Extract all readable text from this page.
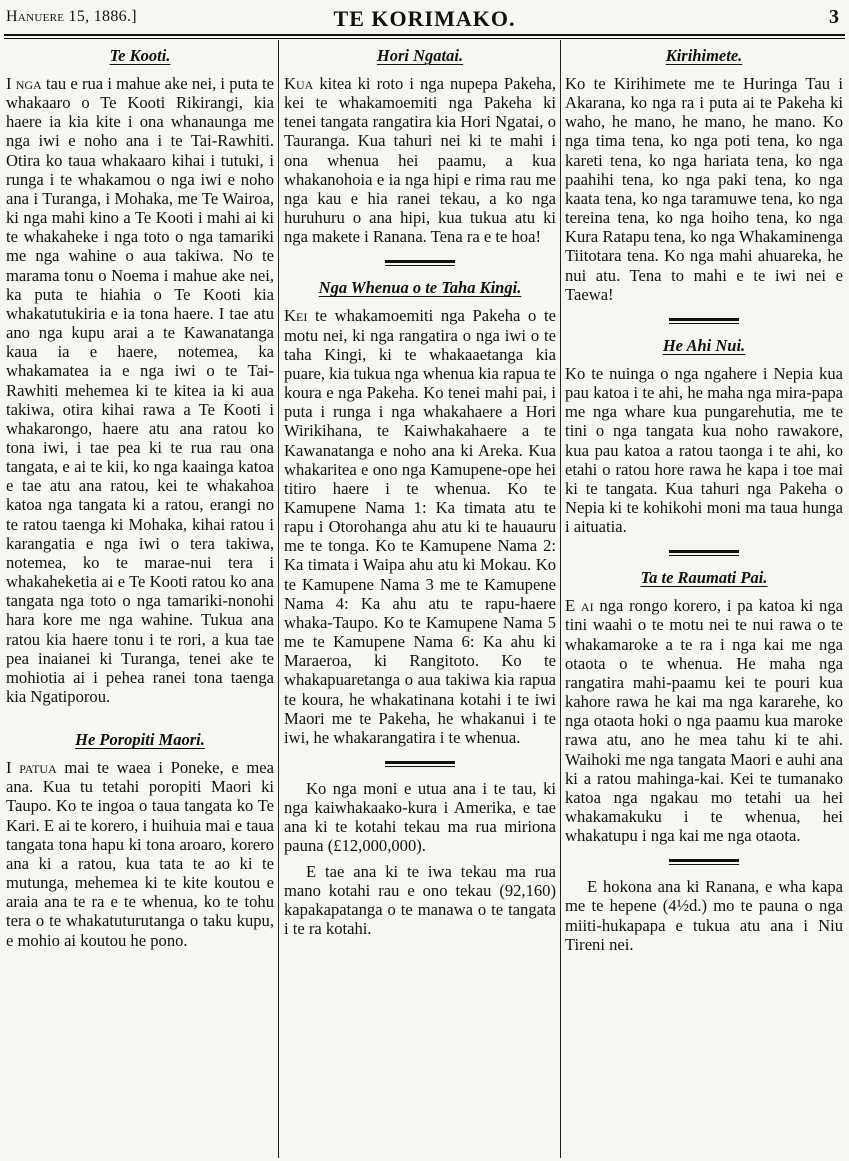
Hanuere 15, 1886.]	TE KORIMAKO.	3
Te Kooti.

I nga tau e rua i mahue ake nei, i puta te whakaaro o Te Kooti Rikirangi, kia haere ia kia kite i ona whanaunga me nga iwi e noho ana i te Tai-Rawhiti. Otira ko taua whakaaro kihai i tutuki, i runga i te whakamou o nga iwi e noho ana i Turanga, i Mohaka, me Te Wairoa, ki nga mahi kino a Te Kooti i mahi ai ki te whakaheke i nga toto o nga tamariki me nga wahine o aua takiwa. No te marama tonu o Noema i mahue ake nei, ka puta te hiahia o Te Kooti kia whakatutukiria e ia tona haere. I tae atu ano nga kupu arai a te Kawanatanga kaua ia e haere, notemea, ka whakamatea ia e nga iwi o te Tai-Rawhiti mehemea ki te kitea ia ki aua takiwa, otira kihai rawa a Te Kooti i whakarongo, haere atu ana ratou ko tona iwi, i tae pea ki te rua rau ona tangata, e ai te kii, ko nga kaainga katoa e tae atu ana ratou, kei te whakahoa katoa nga tangata ki a ratou, erangi no te ratou taenga ki Mohaka, kihai ratou i karangatia e nga iwi o tera takiwa, notemea, ko te marae-nui tera i whakaheketia ai e Te Kooti ratou ko ana tangata nga toto o nga tamariki-nonohi hara kore me nga wahine. Tukua ana ratou kia haere tonu i te rori, a kua tae pea inaianei ki Turanga, tenei ake te mohiotia ai i pehea ranei tona taenga kia Ngatiporou.

He Poropiti Maori.

I patua mai te waea i Poneke, e mea ana. Kua tu tetahi poropiti Maori ki Taupo. Ko te ingoa o taua tangata ko Te Kari. E ai te korero, i huihuia mai e taua tangata tona hapu ki tona aroaro, korero ana ki a ratou, kua tata te ao ki te mutunga, mehemea ki te kite koutou e araia ana te ra e te whenua, ko te tohu tera o te whakatuturutanga o taku kupu, e mohio ai koutou he pono.

Hori Ngatai.

Kua kitea ki roto i nga nupepa Pakeha, kei te whakamoemiti nga Pakeha ki tenei tangata rangatira kia Hori Ngatai, o Tauranga. Kua tahuri nei ki te mahi i ona whenua hei paamu, a kua whakanohoia e ia nga hipi e rima rau me nga kau e hia ranei tekau, a ko nga huruhuru o ana hipi, kua tukua atu ki nga makete i Ranana. Tena ra e te hoa!

Nga Whenua o te Taha Kingi.

Kei te whakamoemiti nga Pakeha o te motu nei, ki nga rangatira o nga iwi o te taha Kingi, ki te whakaaetanga kia puare, kia tukua nga whenua kia rapua te koura e nga Pakeha. Ko tenei mahi pai, i puta i runga i nga whakahaere a Hori Wirikihana, te Kaiwhakahaere a te Kawanatanga e noho ana ki Areka. Kua whakaritea e ono nga Kamupene-ope hei titiro haere i te whenua. Ko te Kamupene Nama 1: Ka timata atu te rapu i Otorohanga ahu atu ki te hauauru me te tonga. Ko te Kamupene Nama 2: Ka timata i Waipa ahu atu ki Mokau. Ko te Kamupene Nama 3 me te Kamupene Nama 4: Ka ahu atu te rapu-haere whaka-Taupo. Ko te Kamupene Nama 5 me te Kamupene Nama 6: Ka ahu ki Maraeroa, ki Rangitoto. Ko te whakapuaretanga o aua takiwa kia rapua te koura, he whakatinana kotahi i te iwi Maori me te Pakeha, he whakanui i te iwi, he whakarangatira i te whenua.

Ko nga moni e utua ana i te tau, ki nga kaiwhakaako-kura i Amerika, e tae ana ki te kotahi tekau ma rua miriona pauna (£12,000,000).

E tae ana ki te iwa tekau ma rua mano kotahi rau e ono tekau (92,160) kapakapatanga o te manawa o te tangata i te ra kotahi.

Kirihimete.

Ko te Kirihimete me te Huringa Tau i Akarana, ko nga ra i puta ai te Pakeha ki waho, he mano, he mano, he mano. Ko nga tima tena, ko nga poti tena, ko nga kareti tena, ko nga hariata tena, ko nga paahihi tena, ko nga paki tena, ko nga kaata tena, ko nga taramuwe tena, ko nga tereina tena, ko nga hoiho tena, ko nga Kura Ratapu tena, ko nga Whakaminenga Tiitotara tena. Ko nga mahi ahuareka, he nui atu. Tena to mahi e te iwi nei e Taewa!

He Ahi Nui.

Ko te nuinga o nga ngahere i Nepia kua pau katoa i te ahi, he maha nga mira-papa me nga whare kua pungarehutia, me te tini o nga tangata kua noho rawakore, kua pau katoa a ratou taonga i te ahi, ko etahi o ratou hore rawa he kapa i toe mai ki te tangata. Kua tahuri nga Pakeha o Nepia ki te kohikohi moni ma taua hunga i aituatia.

Ta te Raumati Pai.

E ai nga rongo korero, i pa katoa ki nga tini waahi o te motu nei te nui rawa o te whakamaroke a te ra i nga kai me nga otaota o te whenua. He maha nga rangatira mahi-paamu kei te pouri kua kahore rawa he kai ma nga kararehe, ko nga otaota hoki o nga paamu kua maroke rawa atu, ano he mea tahu ki te ahi. Waihoki me nga tangata Maori e auhi ana ki a ratou mahinga-kai. Kei te tumanako katoa nga ngakau mo tetahi ua hei whakamakuku i te whenua, hei whakatupu i nga kai me nga otaota.

E hokona ana ki Ranana, e wha kapa me te hepene (4½d.) mo te pauna o nga miiti-hukapapa e tukua atu ana i Niu Tireni nei.
